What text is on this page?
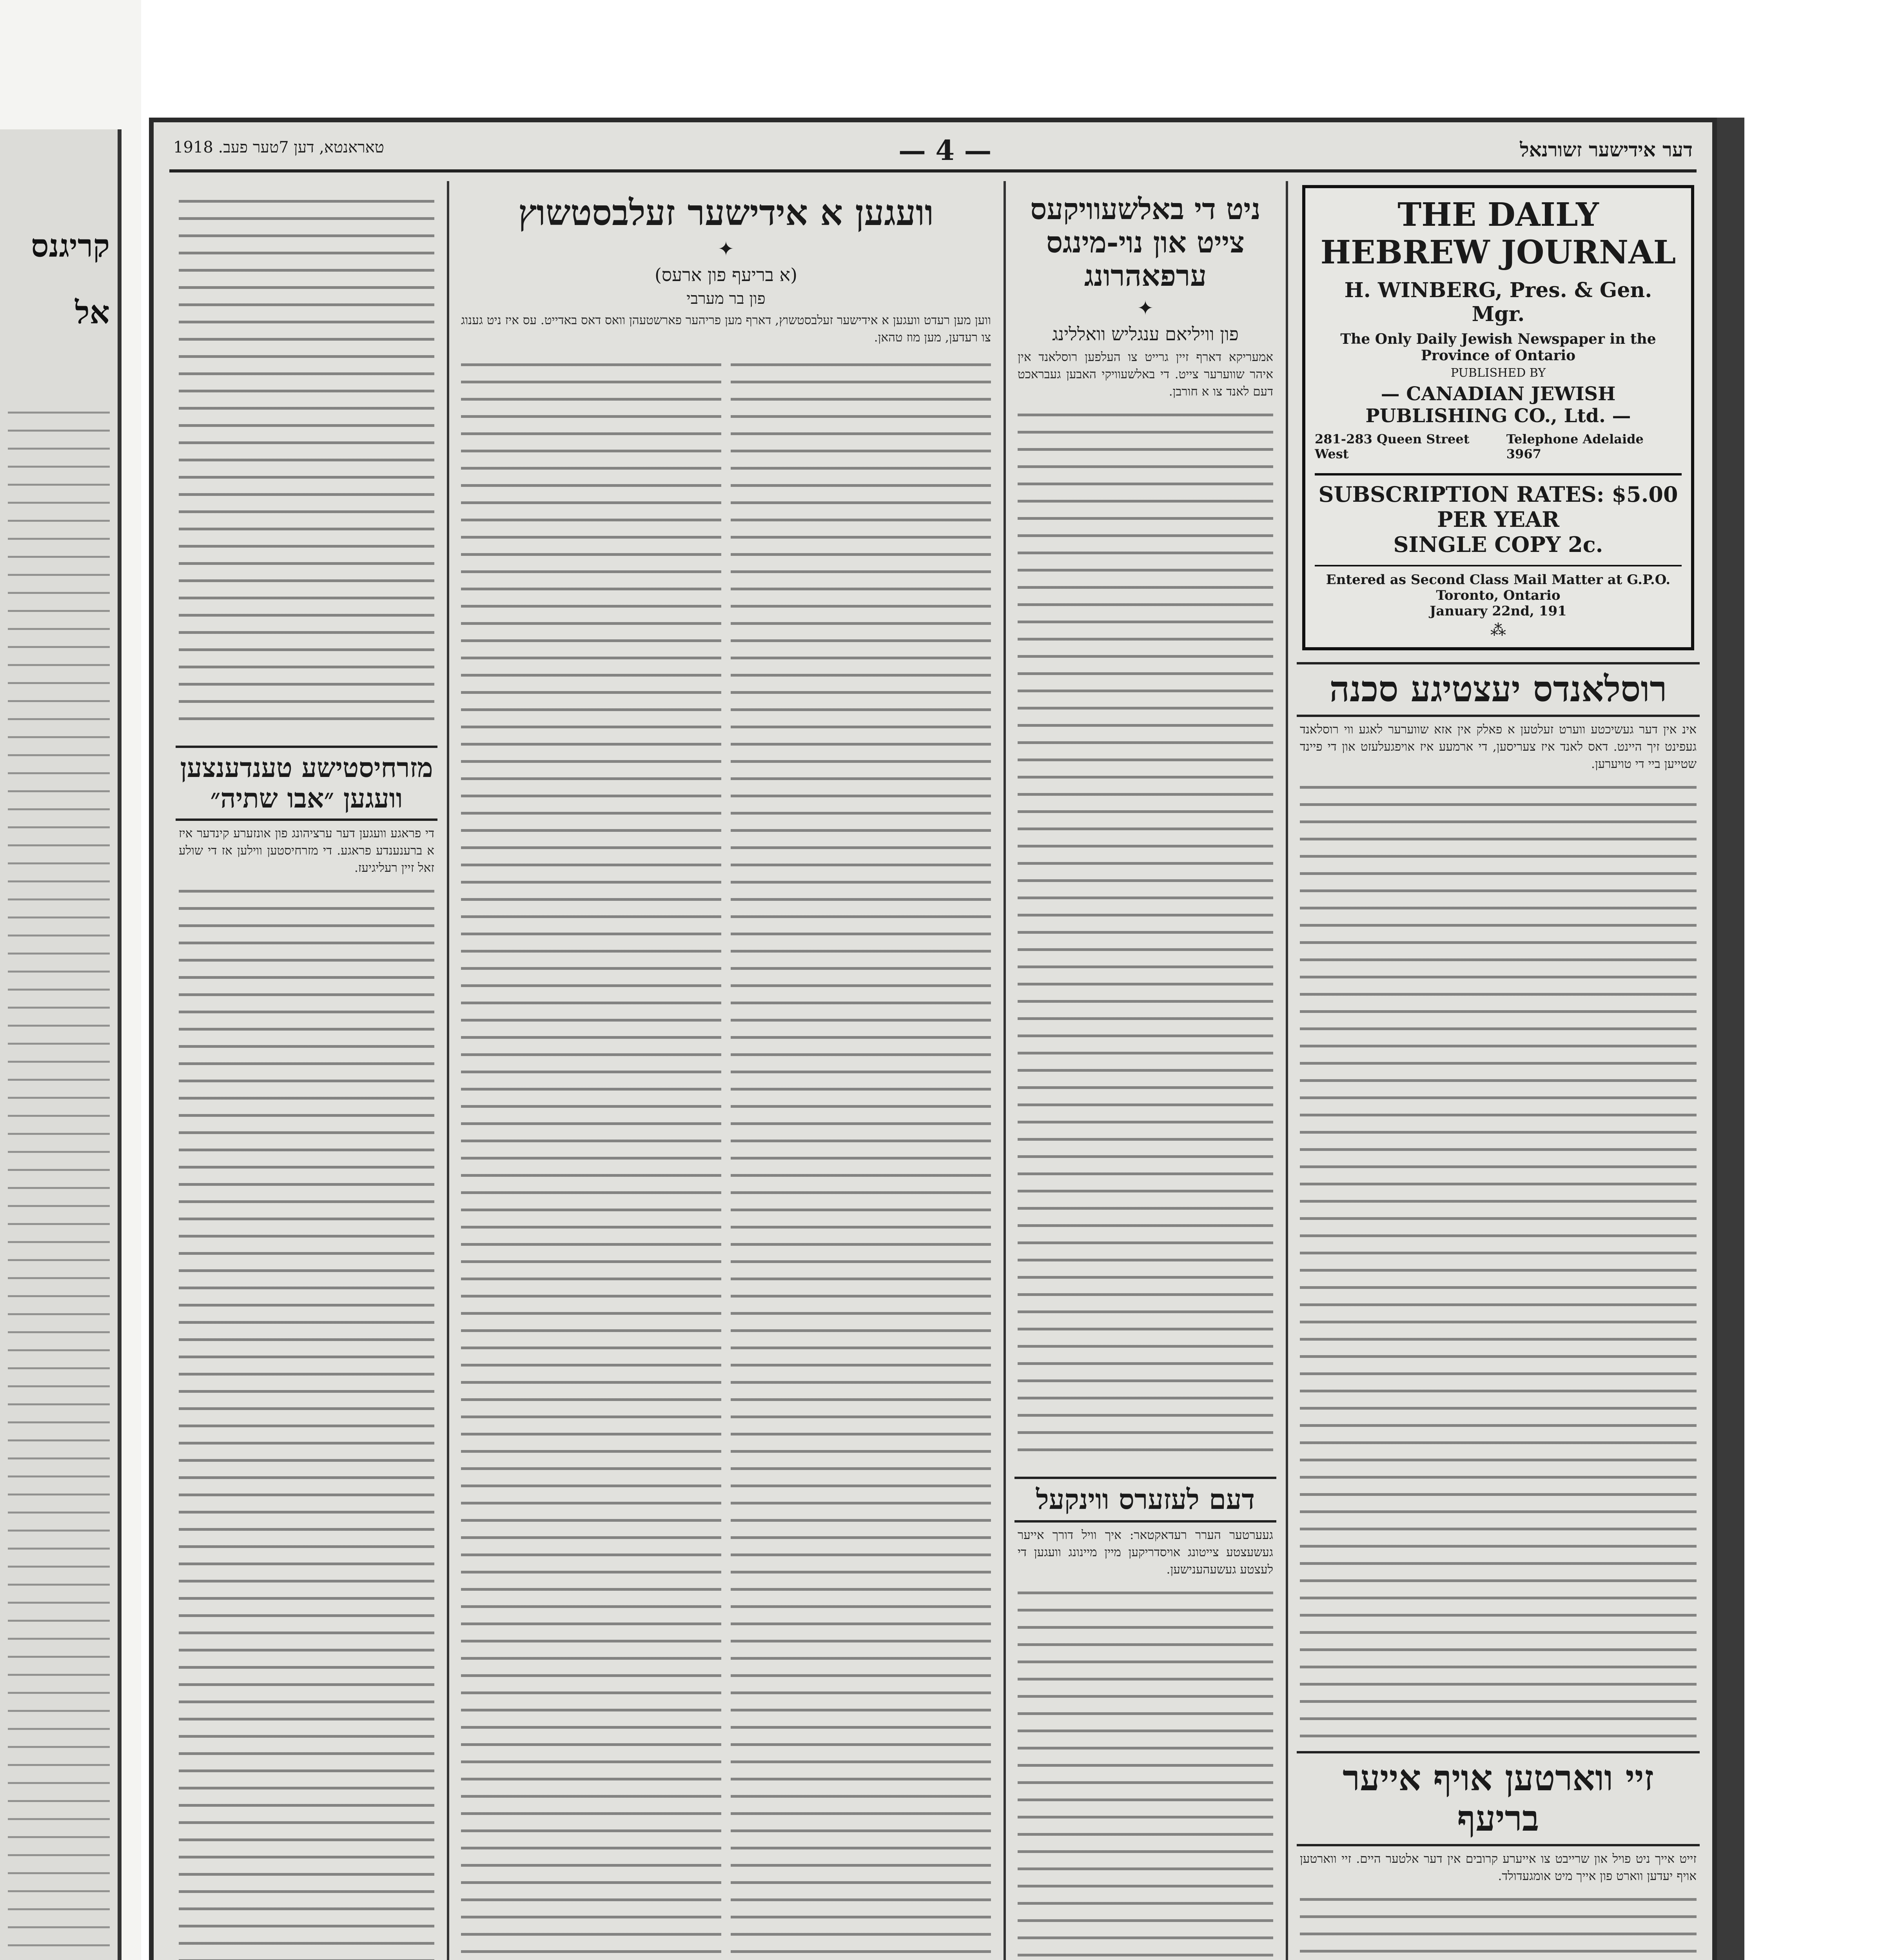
קריגנס
אל
טאראנטא, דען 7טער פעב. 1918	— 4 —	דער אידישער זשורנאל
THE DAILY HEBREW JOURNAL
H. WINBERG, Pres. & Gen. Mgr.
The Only Daily Jewish Newspaper in the Province of Ontario
PUBLISHED BY
— CANADIAN JEWISH PUBLISHING CO., Ltd. —
281-283 Queen Street West
Telephone Adelaide 3967
SUBSCRIPTION RATES: $5.00 PER YEAR
SINGLE COPY 2c.
Entered as Second Class Mail Matter at G.P.O. Toronto, Ontario
January 22nd, 191
⁂
רוסלאנדס יעצטיגע סכנה

אינ אין דער געשיכטע ווערט זעלטען א פאלק אין אזא שווערער לאגע ווי רוסלאנד געפינט זיך היינט. דאס לאנד איז צעריסען, די ארמעע איז אויפגעלעזט און די פיינד שטייען ביי די טויערען.

זיי ווארטען אויף אייער בריעף

זייט אייך ניט פויל און שרייבט צו אייערע קרובים אין דער אלטער היים. זיי ווארטען אויף יעדען ווארט פון אייך מיט אומגעדולד.

ניט די באלשעוויקעס צייט און נוי-מינגס ערפאהרונג
✦
פון וויליאם ענגליש וואללינג

אמעריקא דארף זיין גרייט צו העלפען רוסלאנד אין איהר שווערער צייט. די באלשעוויקי האבען געבראכט דעם לאנד צו א חורבן.

דעם לעזערס ווינקעל

געערטער הערר רעדאקטאר: איך וויל דורך אייער געשעצטע צייטונג אויסדריקען מיין מיינונג וועגען די לעצטע געשעהענישען.

וועגען א אידישער זעלבסטשוץ
✦
(א בריעף פון ארעס)
פון בר מערבי

ווען מען רעדט וועגען א אידישער זעלבסטשוץ, דארף מען פריהער פארשטעהן וואס דאס באדייט. עס איז ניט גענוג צו רעדען, מען מוז טהאן.

מזרחיסטישע טענדענצען וועגען ״אבו שתיה״

די פראגע וועגען דער ערציהונג פון אונזערע קינדער איז א ברענענדע פראגע. די מזרחיסטען ווילען אז די שולע זאל זיין רעליגיעז.
